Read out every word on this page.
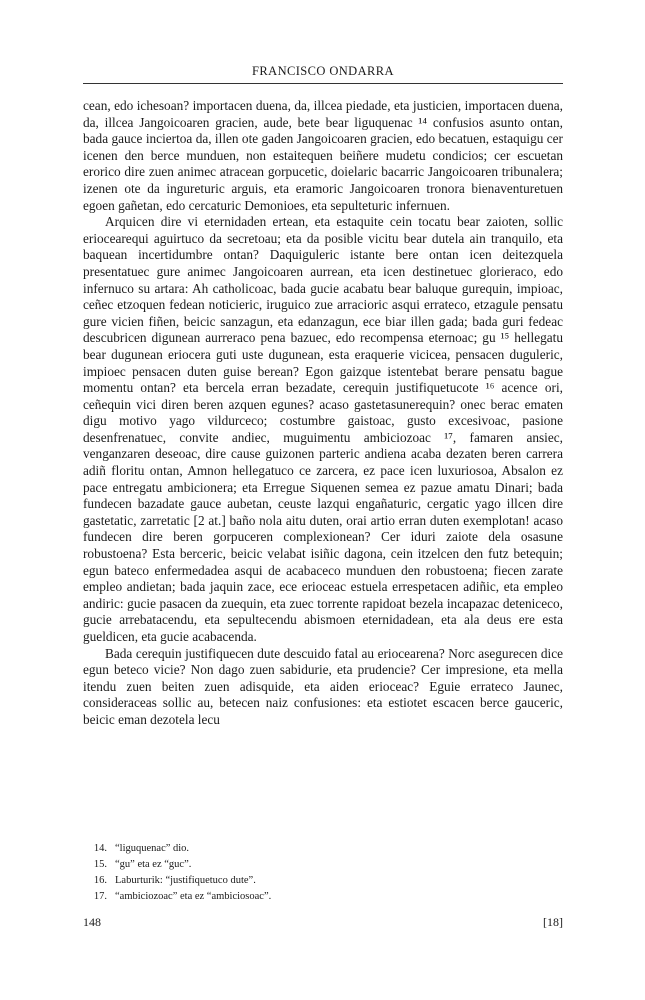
FRANCISCO ONDARRA

cean, edo ichesoan? importacen duena, da, illcea piedade, eta justicien, importacen duena, da, illcea Jangoicoaren gracien, aude, bete bear liguquenac ¹⁴ confusios asunto ontan, bada gauce inciertoa da, illen ote gaden Jangoicoaren gracien, edo becatuen, estaquigu cer icenen den berce munduen, non estaitequen beiñere mudetu condicios; cer escuetan erorico dire zuen animec atracean gorpucetic, doielaric bacarric Jangoicoaren tribunalera; izenen ote da ingureturic arguis, eta eramoric Jangoicoaren tronora bienaventuretuen egoen gañetan, edo cercaturic Demonioes, eta sepulteturic infernuen.

Arquicen dire vi eternidaden ertean, eta estaquite cein tocatu bear zaioten, sollic eriocearequi aguirtuco da secretoau; eta da posible vicitu bear dutela ain tranquilo, eta baquean incertidumbre ontan? Daquiguleric istante bere ontan icen deitezquela presentatuec gure animec Jangoicoaren aurrean, eta icen destinetuec glorieraco, edo infernuco su artara: Ah catholicoac, bada gucie acabatu bear baluque gurequin, impioac, ceñec etzoquen fedean noticieric, iruguico zue arracioric asqui erratecо, etzagule pensatu gure vicien fiñen, beicic sanzagun, eta edanzagun, ece biar illen gada; bada guri fedeac descubricen digunean aurreraco pena bazuec, edo recompensa eternoac; gu ¹⁵ hellegatu bear dugunean eriocera guti uste dugunean, esta eraquerie vicicea, pensacen duguleric, impioec pensacen duten guise berean? Egon gaizque istentebat berare pensatu bague momentu ontan? eta bercela erran bezadate, cerequin justifiquetucote ¹⁶ acence ori, ceñequin vici diren beren azquen egunes? acaso gastetasunerequin? onec berac ematen digu motivo yago vildurceco; costumbre gaistoac, gusto excesivoac, pasione desenfrenatuec, convite andiec, muguimentu ambiciozoac ¹⁷, famaren ansiec, venganzaren deseoac, dire cause guizonen parteric andiena acaba dezaten beren carrera adiñ floritu ontan, Amnon hellegatuco ce zarcera, ez pace icen luxuriosoa, Absalon ez pace entregatu ambicionera; eta Erregue Siquenen semea ez pazue amatu Dinari; bada fundecen bazadate gauce aubetan, ceuste lazqui engañaturic, cergatic yago illcen dire gastetatic, zarretatic [2 at.] baño nola aitu duten, orai artio erran duten exemplotan! acaso fundecen dire beren gorpuceren complexionean? Cer iduri zaiote dela osasune robustoena? Esta berceric, beicic velabat isiñic dagona, cein itzelcen den futz betequin; egun bateco enfermedadea asqui de acabaceco munduen den robustoena; fiecen zarate empleo andietan; bada jaquin zace, ece erioceac estuela errespetacen adiñic, eta empleo andiric: gucie pasacen da zuequin, eta zuec torrente rapidoat bezela incapazac deteniceco, gucie arrebatacendu, eta sepultecendu abismoen eternidadean, eta ala deus ere esta gueldicen, eta gucie acabacenda.

Bada cerequin justifiquecen dute descuido fatal au eriocearena? Norc asegurecen dice egun beteco vicie? Non dago zuen sabidurie, eta prudencie? Cer impresione, eta mella itendu zuen beiten zuen adisquide, eta aiden erioceac? Eguie erratecо Jaunec, consideraceas sollic au, betecen naiz confusiones: eta estiotet escacen berce gauceric, beicic eman dezotela lecu

14. “liguquenac” dio.
15. “gu” eta ez “guc”.
16. Laburturik: “justifiquetuco dute”.
17. “ambiciozoac” eta ez “ambiciosoac”.
148	[18]
